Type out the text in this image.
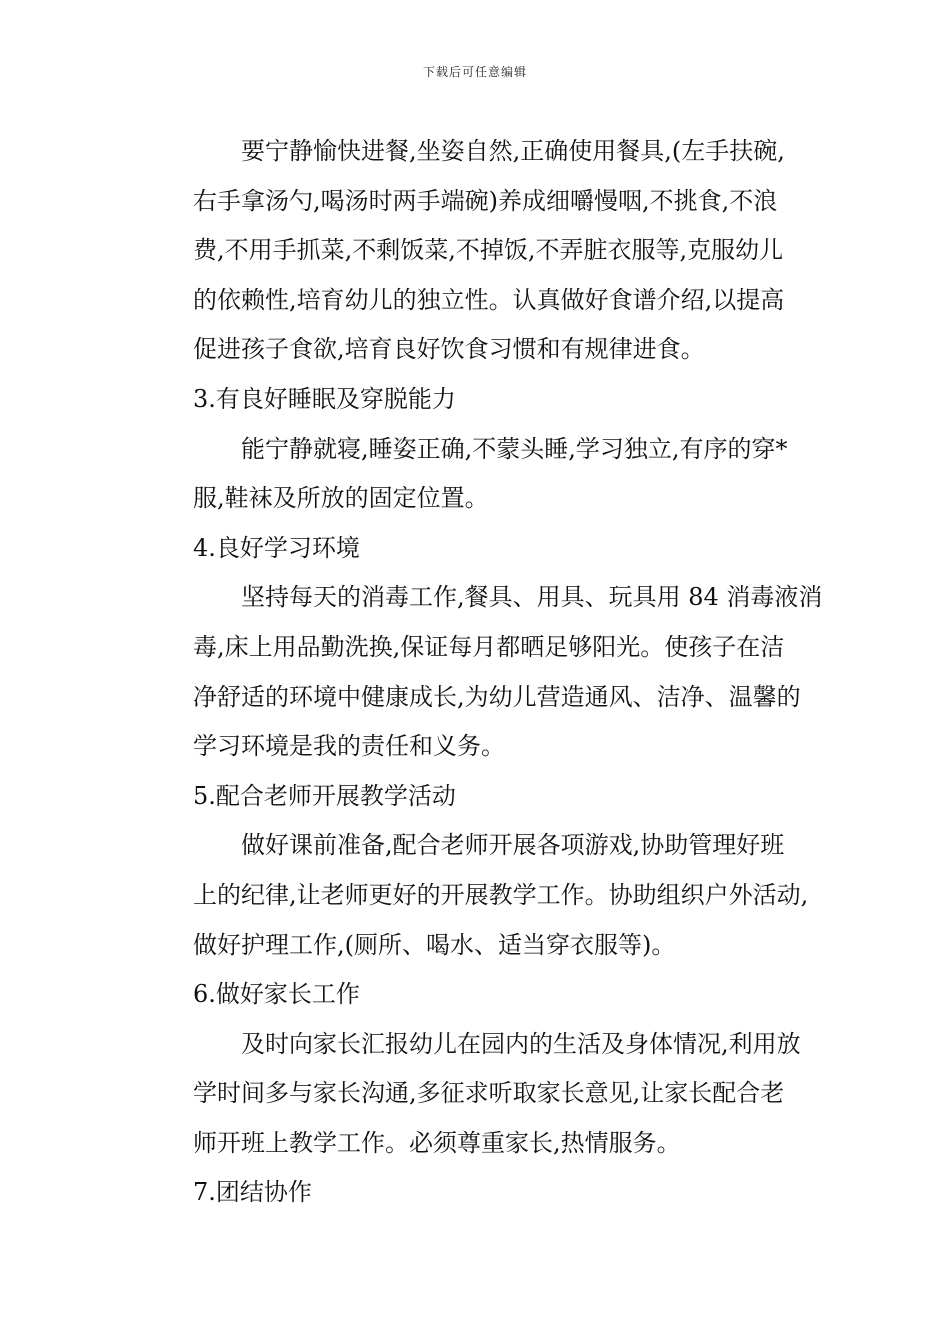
下载后可任意编辑
要宁静愉快进餐,坐姿自然,正确使用餐具,(左手扶碗,
右手拿汤勺,喝汤时两手端碗)养成细嚼慢咽,不挑食,不浪
费,不用手抓菜,不剩饭菜,不掉饭,不弄脏衣服等,克服幼儿
的依赖性,培育幼儿的独立性。认真做好食谱介绍,以提高
促进孩子食欲,培育良好饮食习惯和有规律进食。
3.有良好睡眠及穿脱能力
能宁静就寝,睡姿正确,不蒙头睡,学习独立,有序的穿*
服,鞋袜及所放的固定位置。
4.良好学习环境
坚持每天的消毒工作,餐具、用具、玩具用 84 消毒液消
毒,床上用品勤洗换,保证每月都晒足够阳光。使孩子在洁
净舒适的环境中健康成长,为幼儿营造通风、洁净、温馨的
学习环境是我的责任和义务。
5.配合老师开展教学活动
做好课前准备,配合老师开展各项游戏,协助管理好班
上的纪律,让老师更好的开展教学工作。协助组织户外活动,
做好护理工作,(厕所、喝水、适当穿衣服等)。
6.做好家长工作
及时向家长汇报幼儿在园内的生活及身体情况,利用放
学时间多与家长沟通,多征求听取家长意见,让家长配合老
师开班上教学工作。必须尊重家长,热情服务。
7.团结协作
